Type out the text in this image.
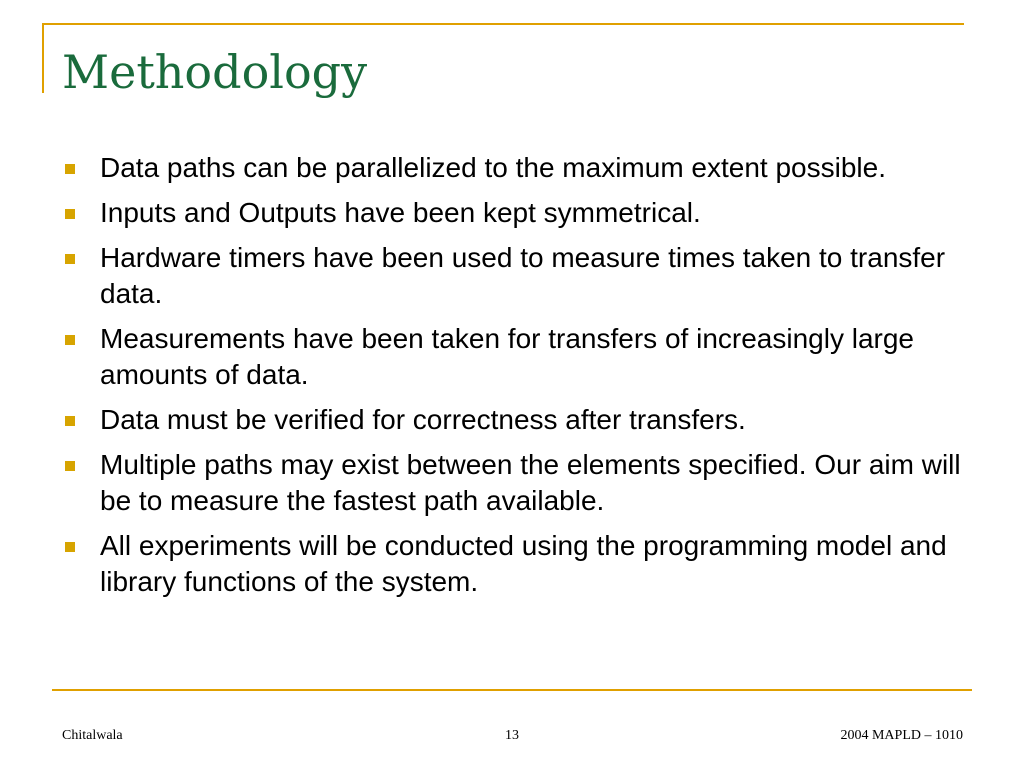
Methodology
Data paths can be parallelized to the maximum extent possible.
Inputs and Outputs have been kept symmetrical.
Hardware timers have been used to measure times taken to transfer data.
Measurements have been taken for transfers of increasingly large amounts of data.
Data must be verified for correctness after transfers.
Multiple paths may exist between the elements specified. Our aim will be to measure the fastest path available.
All experiments will be conducted using the programming model and library functions of the system.
Chitalwala	13	2004 MAPLD – 1010
